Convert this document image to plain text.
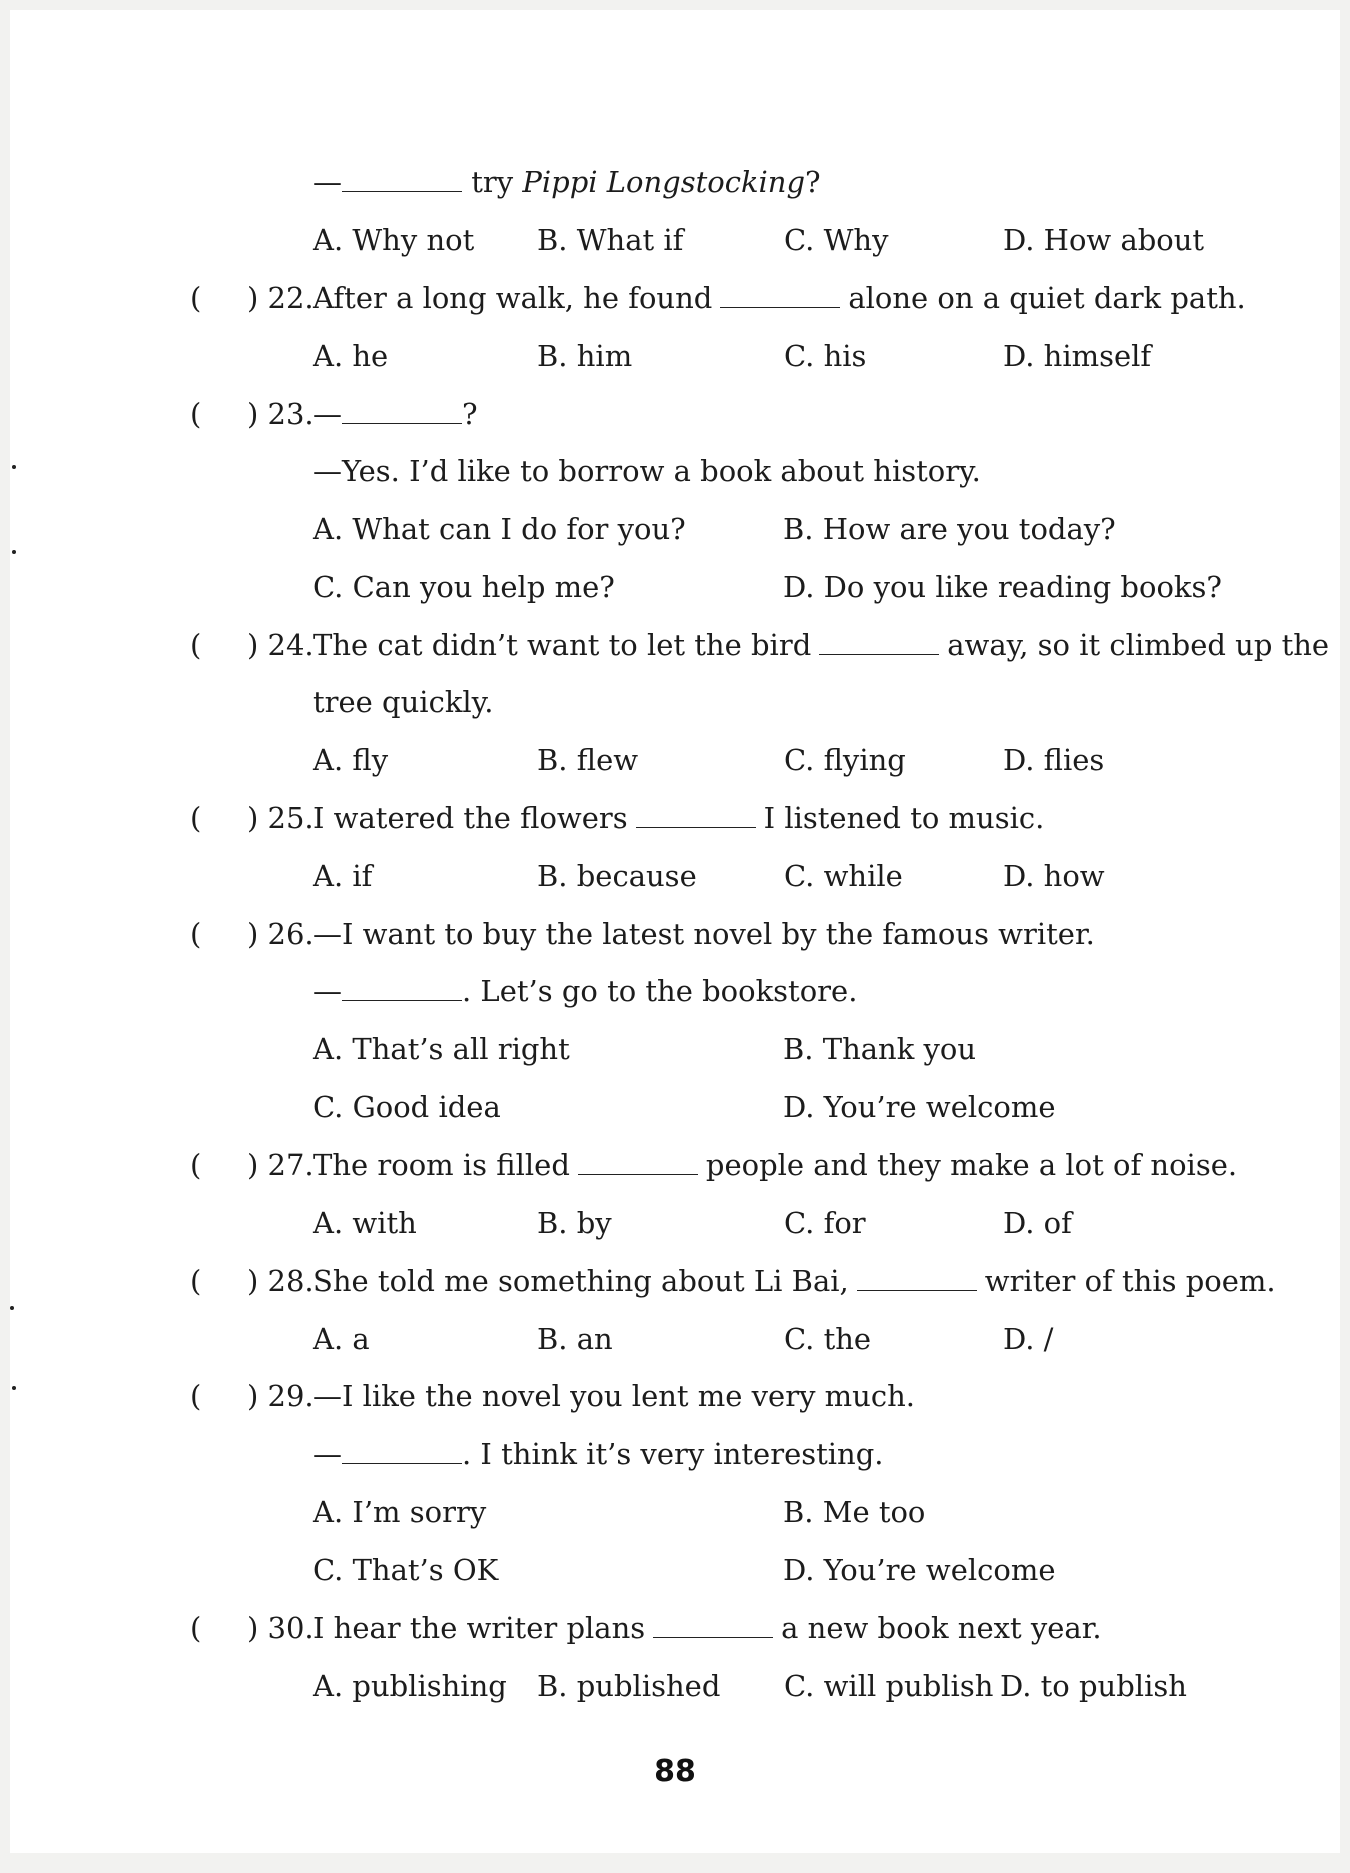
—	try Pippi Longstocking?
A. Why not B. What if	C. Why	D. How about
( ) 22. After a long walk, he found	alone on a quiet dark path.
A. he	B. him	C. his	D. himself
( ) 23. —	?
—Yes. I’d like to borrow a book about history.
A. What can I do for you?	B. How are you today?
C. Can you help me?	D. Do you like reading books?
( ) 24. The cat didn’t want to let the bird	away, so it climbed up the
tree quickly.
A. fly	B. flew	C. flying	D. flies
( ) 25. I watered the flowers	I listened to music.
A. if	B. because	C. while	D. how
( ) 26. —I want to buy the latest novel by the famous writer.
—	. Let’s go to the bookstore.
A. That’s all right	B. Thank you
C. Good idea	D. You’re welcome
( ) 27. The room is filled	people and they make a lot of noise.
A. with	B. by	C. for	D. of
( ) 28. She told me something about Li Bai,	writer of this poem.
A. a	B. an	C. the	D. /
( ) 29. —I like the novel you lent me very much.
—	. I think it’s very interesting.
A. I’m sorry	B. Me too
C. That’s OK	D. You’re welcome
( ) 30. I hear the writer plans	a new book next year.
A. publishing B. published C. will publish D. to publish
88
